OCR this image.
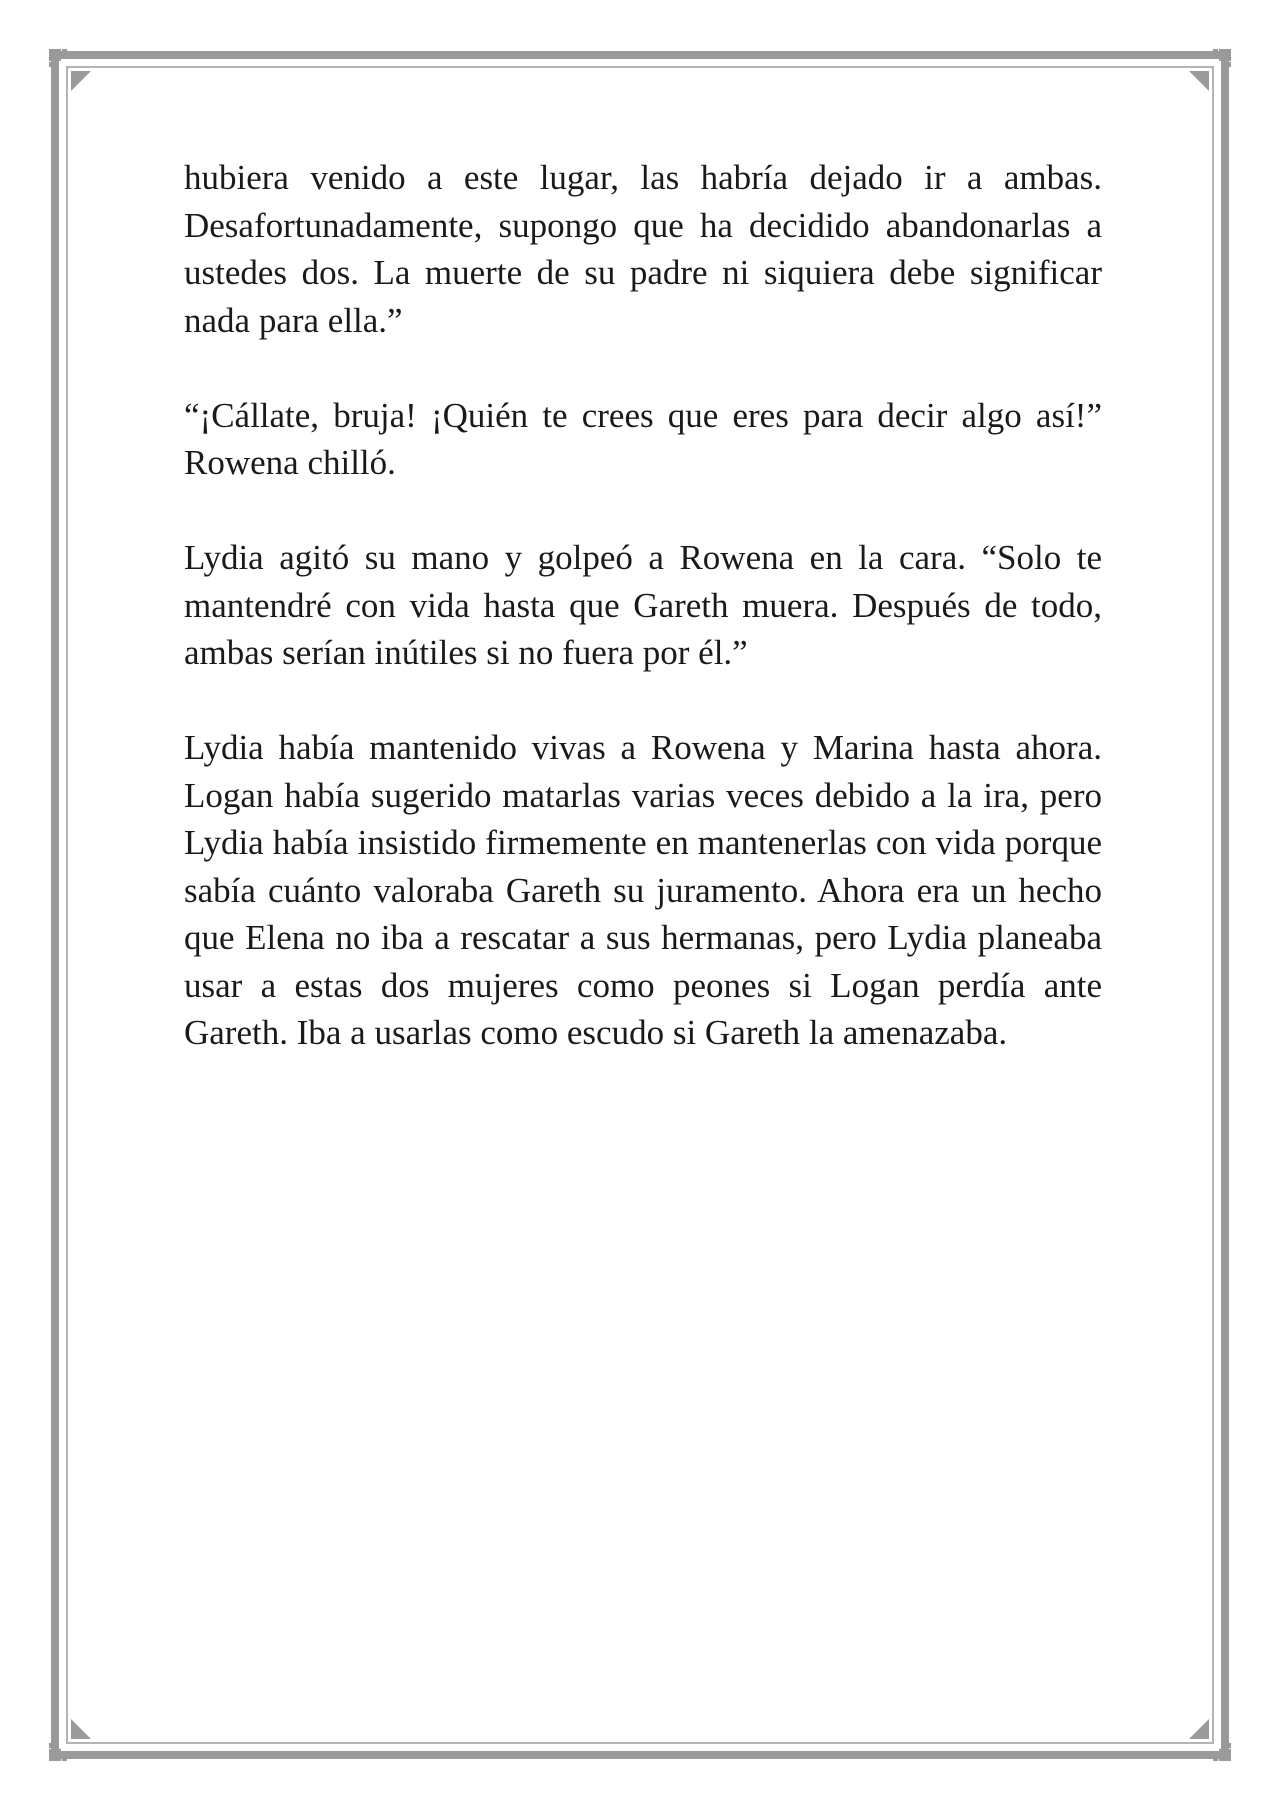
hubiera venido a este lugar, las habría dejado ir a ambas. Desafortunadamente, supongo que ha decidido abandonarlas a ustedes dos. La muerte de su padre ni siquiera debe significar nada para ella.”

“¡Cállate, bruja! ¡Quién te crees que eres para decir algo así!” Rowena chilló.

Lydia agitó su mano y golpeó a Rowena en la cara. “Solo te mantendré con vida hasta que Gareth muera. Después de todo, ambas serían inútiles si no fuera por él.”

Lydia había mantenido vivas a Rowena y Marina hasta ahora. Logan había sugerido matarlas varias veces debido a la ira, pero Lydia había insistido firmemente en mantenerlas con vida porque sabía cuánto valoraba Gareth su juramento. Ahora era un hecho que Elena no iba a rescatar a sus hermanas, pero Lydia planeaba usar a estas dos mujeres como peones si Logan perdía ante Gareth. Iba a usarlas como escudo si Gareth la amenazaba.
